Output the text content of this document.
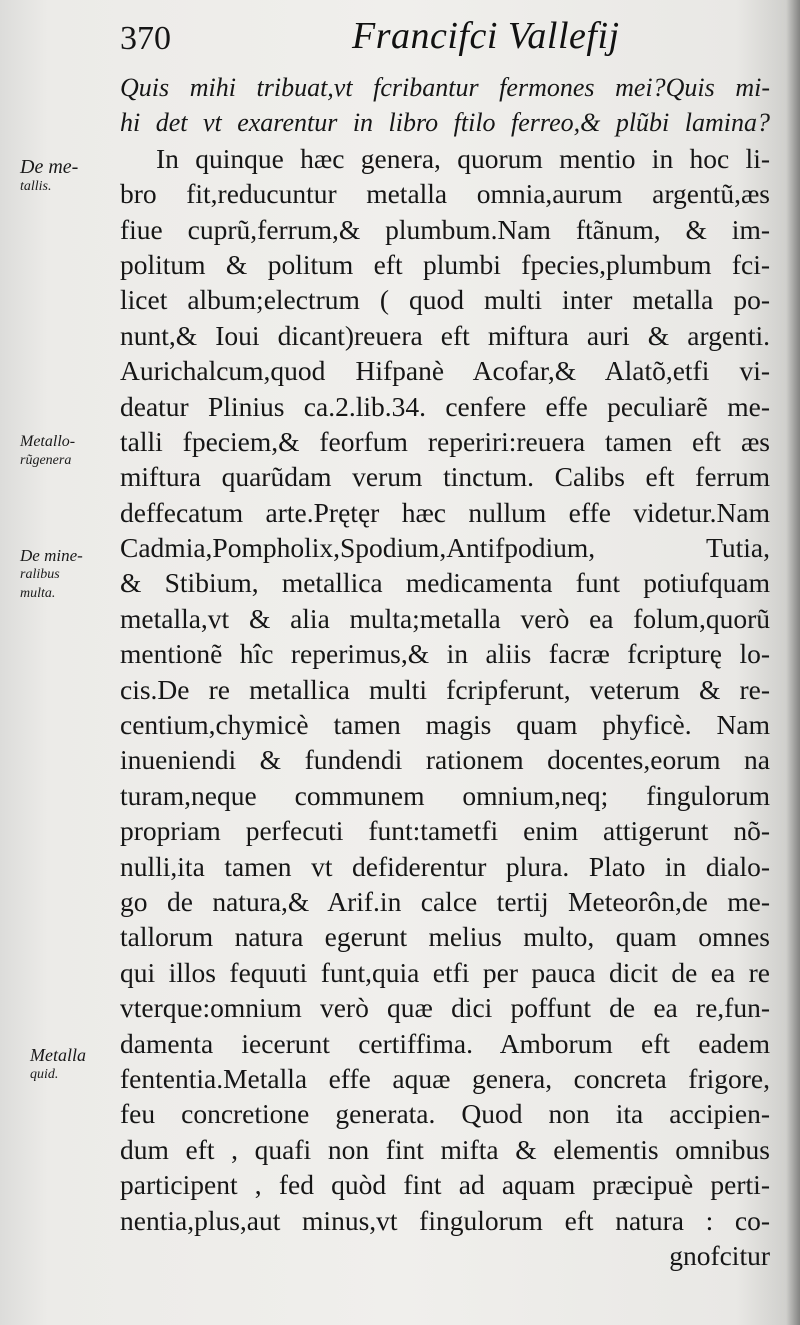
370	Francifci Vallefij
De me-
tallis.
Metallo-
rũgenera
De mine-
ralibus
multa.
Metalla
quid.
Quis mihi tribuat,vt fcribantur fermones mei?Quis mi-
hi det vt exarentur in libro ftilo ferreo,& plũbi lamina?
In quinque hæc genera, quorum mentio in hoc li-
bro fit,reducuntur metalla omnia,aurum argentũ,æs
fiue cuprũ,ferrum,& plumbum.Nam ftãnum, & im-
politum & politum eft plumbi fpecies,plumbum fci-
licet album;electrum ( quod multi inter metalla po-
nunt,& Ioui dicant)reuera eft miftura auri & argenti.
Aurichalcum,quod Hifpanè Acofar,& Alatõ,etfi vi-
deatur Plinius ca.2.lib.34. cenfere effe peculiarẽ me-
talli fpeciem,& feorfum reperiri:reuera tamen eft æs
miftura quarũdam verum tinctum. Calibs eft ferrum
deffecatum arte.Prętęr hæc nullum effe videtur.Nam
Cadmia,Pompholix,Spodium,Antifpodium, Tutia,
& Stibium, metallica medicamenta funt potiufquam
metalla,vt & alia multa;metalla verò ea folum,quorũ
mentionẽ hîc reperimus,& in aliis facræ fcripturę lo-
cis.De re metallica multi fcripferunt, veterum & re-
centium,chymicè tamen magis quam phyficè. Nam
inueniendi & fundendi rationem docentes,eorum na
turam,neque communem omnium,neq; fingulorum
propriam perfecuti funt:tametfi enim attigerunt nõ-
nulli,ita tamen vt defiderentur plura. Plato in dialo-
go de natura,& Arif.in calce tertij Meteorôn,de me-
tallorum natura egerunt melius multo, quam omnes
qui illos fequuti funt,quia etfi per pauca dicit de ea re
vterque:omnium verò quæ dici poffunt de ea re,fun-
damenta iecerunt certiffima. Amborum eft eadem
fententia.Metalla effe aquæ genera, concreta frigore,
feu concretione generata. Quod non ita accipien-
dum eft , quafi non fint mifta & elementis omnibus
participent , fed quòd fint ad aquam præcipuè perti-
nentia,plus,aut minus,vt fingulorum eft natura : co-
gnofcitur
